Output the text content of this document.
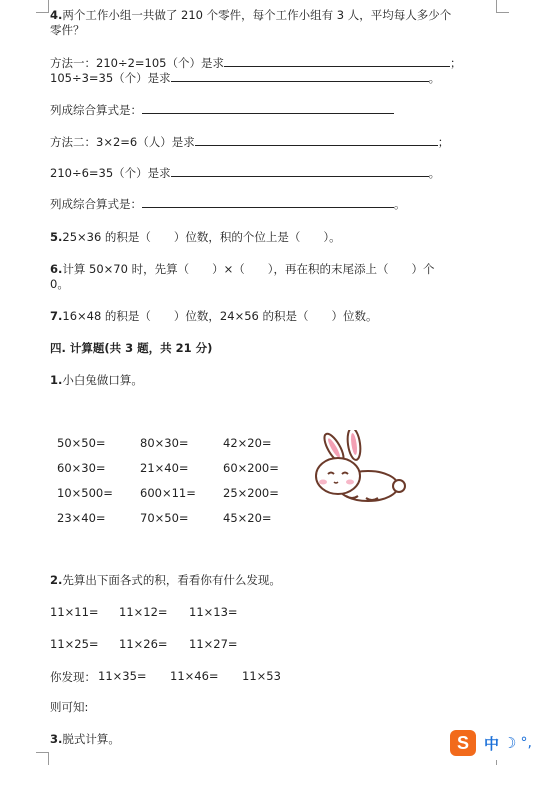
4.两个工作小组一共做了 210 个零件，每个工作小组有 3 人，平均每人多少个
零件？
方法一：210÷2=105（个）是求	；
105÷3=35（个）是求	。
列成综合算式是：
方法二：3×2=6（人）是求	；
210÷6=35（个）是求	。
列成综合算式是：	。
5.25×36 的积是（　　）位数，积的个位上是（　　）。
6.计算 50×70 时，先算（　　）×（　　），再在积的末尾添上（　　）个
0。
7.16×48 的积是（　　）位数，24×56 的积是（　　）位数。
四. 计算题(共 3 题，共 21 分)
1.小白兔做口算。
50×50=	80×30=	42×20=
60×30=	21×40=	60×200=
10×500= 600×11= 25×200=
23×40=	70×50=	45×20=
2.先算出下面各式的积，看看你有什么发现。
11×11= 11×12= 11×13=
11×25= 11×26= 11×27=
你发现： 11×35= 11×46= 11×53
则可知:
3.脱式计算。	S	中 ☽ °,
